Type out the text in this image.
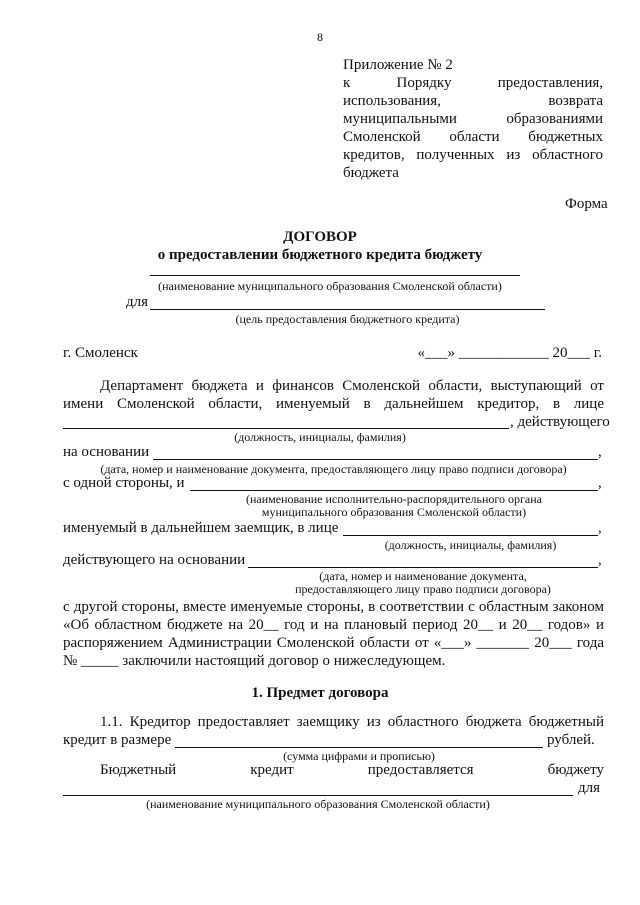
8
Приложение № 2
к Порядку предоставления,
использования, возврата
муниципальными образованиями
Смоленской области бюджетных
кредитов, полученных из областного
бюджета
Форма
ДОГОВОР
о предоставлении бюджетного кредита бюджету
(наименование муниципального образования Смоленской области)
для
(цель предоставления бюджетного кредита)
г. Смоленск	«___» ____________ 20___ г.
Департамент бюджета и финансов Смоленской области, выступающий от
имени Смоленской области, именуемый в дальнейшем кредитор, в лице
, действующего
(должность, инициалы, фамилия)
на основании	,
(дата, номер и наименование документа, предоставляющего лицу право подписи договора)
с одной стороны, и	,
(наименование исполнительно-распорядительного органа
муниципального образования Смоленской области)
именуемый в дальнейшем заемщик, в лице	,
(должность, инициалы, фамилия)
действующего на основании	,
(дата, номер и наименование документа,
предоставляющего лицу право подписи договора)
с другой стороны, вместе именуемые стороны, в соответствии с областным законом
«Об областном бюджете на 20__ год и на плановый период 20__ и 20__ годов» и
распоряжением Администрации Смоленской области от «___» _______ 20___ года
№ _____ заключили настоящий договор о нижеследующем.
1. Предмет договора
1.1. Кредитор предоставляет заемщику из областного бюджета бюджетный
кредит в размере	рублей.
(сумма цифрами и прописью)
Бюджетный кредит предоставляется бюджету
для
(наименование муниципального образования Смоленской области)
